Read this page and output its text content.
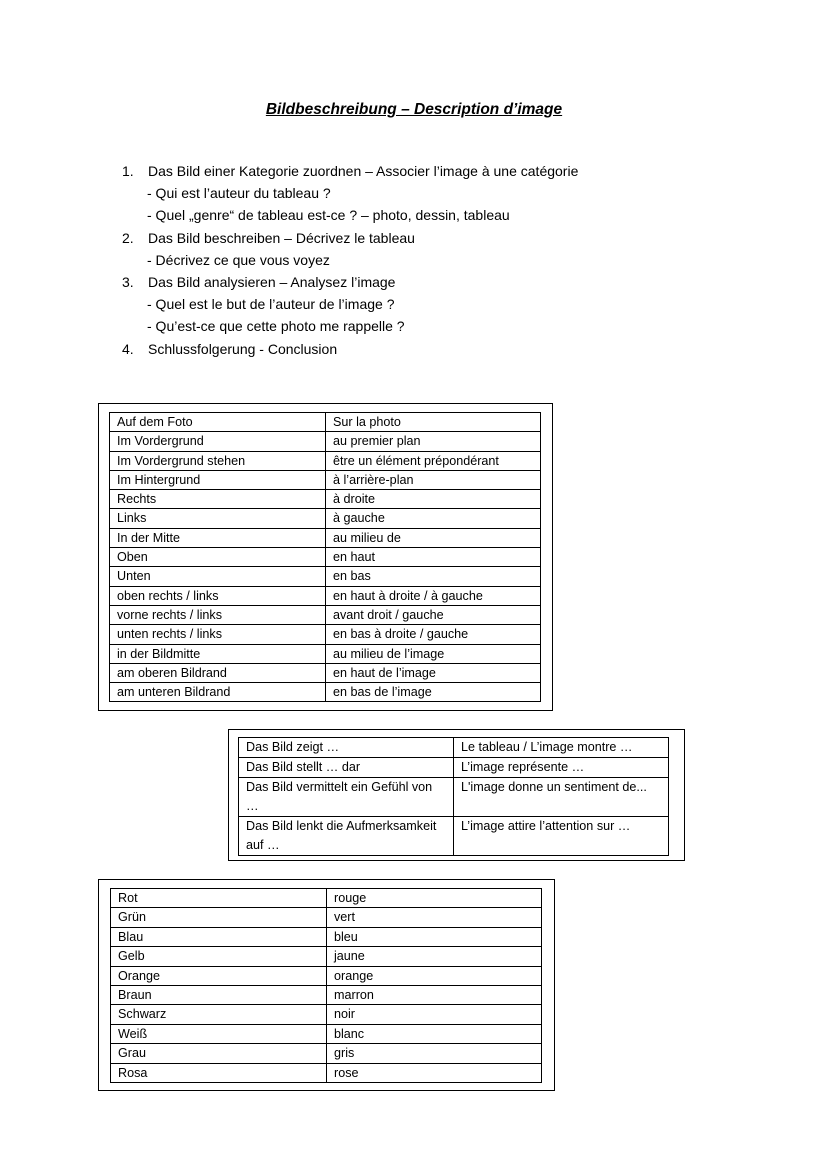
Bildbeschreibung – Description d’image
1.	Das Bild einer Kategorie zuordnen – Associer l’image à une catégorie
- Qui est l’auteur du tableau ?
- Quel „genre“ de tableau est-ce ? – photo, dessin, tableau
2.	Das Bild beschreiben – Décrivez le tableau
- Décrivez ce que vous voyez
3.	Das Bild analysieren – Analysez l’image
- Quel est le but de l’auteur de l’image ?
- Qu’est-ce que cette photo me rappelle ?
4.	Schlussfolgerung - Conclusion
Auf dem Foto	Sur la photo
Im Vordergrund	au premier plan
Im Vordergrund stehen	être un élément prépondérant
Im Hintergrund	à l’arrière-plan
Rechts	à droite
Links	à gauche
In der Mitte	au milieu de
Oben	en haut
Unten	en bas
oben rechts / links	en haut à droite / à gauche
vorne rechts / links	avant droit / gauche
unten rechts / links	en bas à droite / gauche
in der Bildmitte	au milieu de l’image
am oberen Bildrand	en haut de l’image
am unteren Bildrand	en bas de l’image
Das Bild zeigt …	Le tableau / L’image montre …
Das Bild stellt … dar	L’image représente …
Das Bild vermittelt ein Gefühl von …	L'image donne un sentiment de...
Das Bild lenkt die Aufmerksamkeit auf …	L’image attire l’attention sur …
Rot	rouge
Grün	vert
Blau	bleu
Gelb	jaune
Orange	orange
Braun	marron
Schwarz	noir
Weiß	blanc
Grau	gris
Rosa	rose
